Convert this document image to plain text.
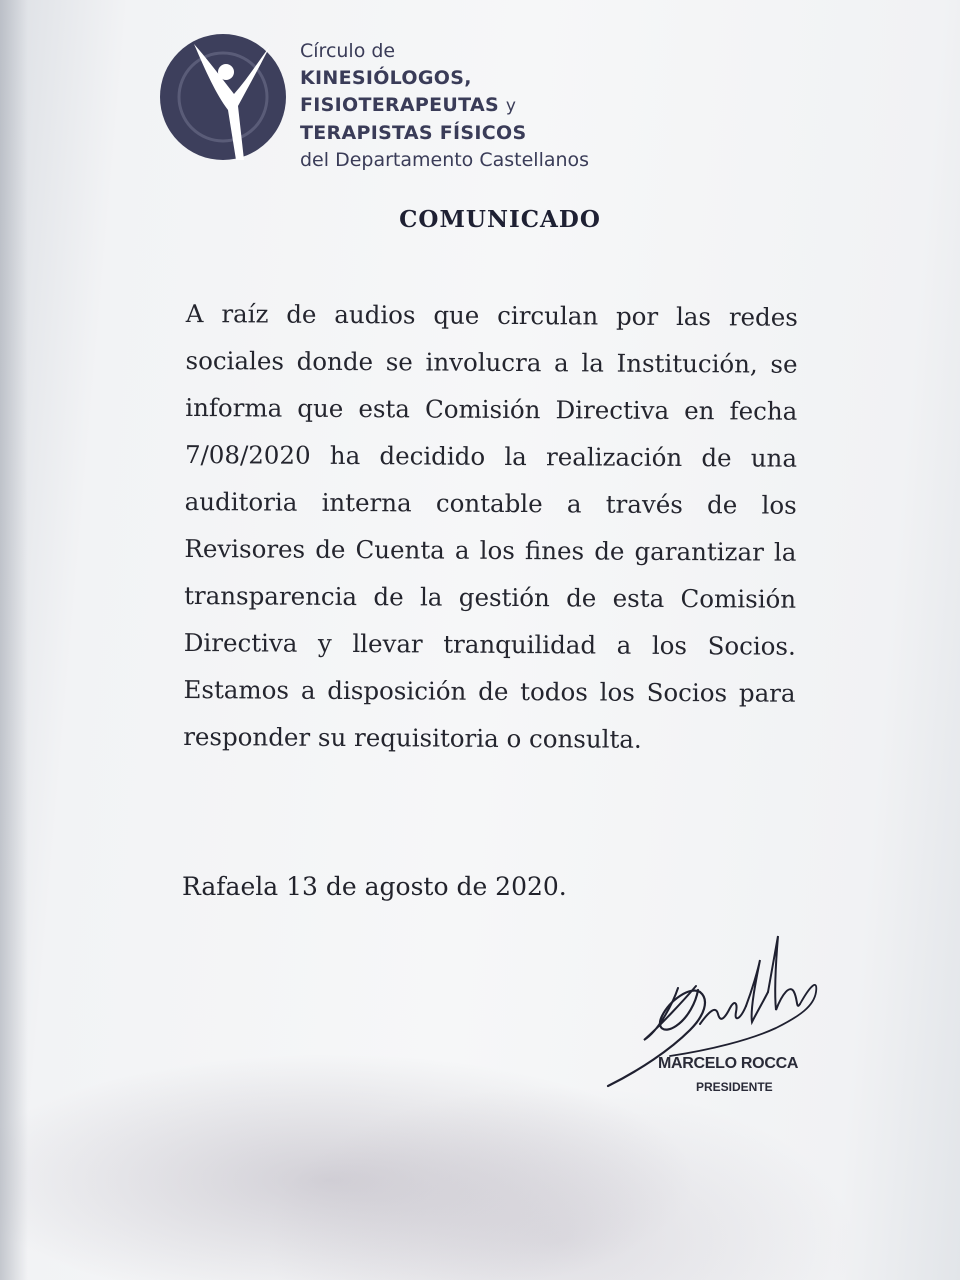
Círculo de
KINESIÓLOGOS,
FISIOTERAPEUTAS y
TERAPISTAS FÍSICOS
del Departamento Castellanos
COMUNICADO
A raíz de audios que circulan por las redes sociales donde se involucra a la Institución, se informa que esta Comisión Directiva en fecha 7/08/2020 ha decidido la realización de una auditoria interna contable a través de los Revisores de Cuenta a los fines de garantizar la transparencia de la gestión de esta Comisión Directiva y llevar tranquilidad a los Socios. Estamos a disposición de todos los Socios para responder su requisitoria o consulta.
Rafaela 13 de agosto de 2020.
MARCELO ROCCA
PRESIDENTE
